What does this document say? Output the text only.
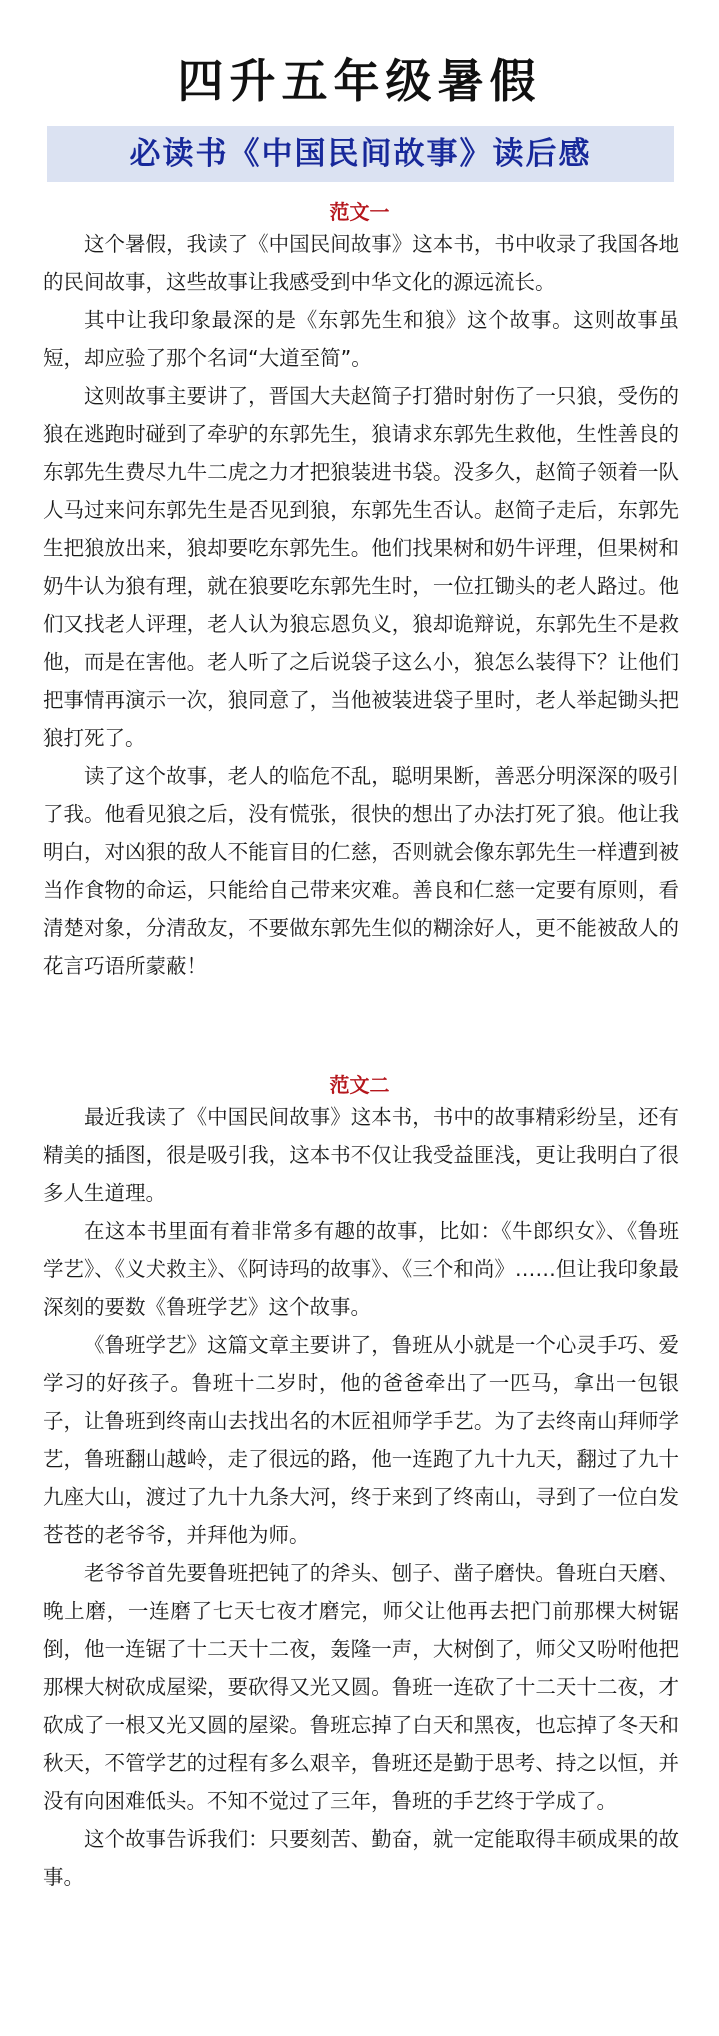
四升五年级暑假
必读书《中国民间故事》读后感
范文一

这个暑假，我读了《中国民间故事》这本书，书中收录了我国各地的民间故事，这些故事让我感受到中华文化的源远流长。

其中让我印象最深的是《东郭先生和狼》这个故事。这则故事虽短，却应验了那个名词“大道至简”。

这则故事主要讲了，晋国大夫赵简子打猎时射伤了一只狼，受伤的狼在逃跑时碰到了牵驴的东郭先生，狼请求东郭先生救他，生性善良的东郭先生费尽九牛二虎之力才把狼装进书袋。没多久，赵简子领着一队人马过来问东郭先生是否见到狼，东郭先生否认。赵简子走后，东郭先生把狼放出来，狼却要吃东郭先生。他们找果树和奶牛评理，但果树和奶牛认为狼有理，就在狼要吃东郭先生时，一位扛锄头的老人路过。他们又找老人评理，老人认为狼忘恩负义，狼却诡辩说，东郭先生不是救他，而是在害他。老人听了之后说袋子这么小，狼怎么装得下？让他们把事情再演示一次，狼同意了，当他被装进袋子里时，老人举起锄头把狼打死了。

读了这个故事，老人的临危不乱，聪明果断，善恶分明深深的吸引了我。他看见狼之后，没有慌张，很快的想出了办法打死了狼。他让我明白，对凶狠的敌人不能盲目的仁慈，否则就会像东郭先生一样遭到被当作食物的命运，只能给自己带来灾难。善良和仁慈一定要有原则，看清楚对象，分清敌友，不要做东郭先生似的糊涂好人，更不能被敌人的花言巧语所蒙蔽！

范文二

最近我读了《中国民间故事》这本书，书中的故事精彩纷呈，还有精美的插图，很是吸引我，这本书不仅让我受益匪浅，更让我明白了很多人生道理。

在这本书里面有着非常多有趣的故事，比如：《牛郎织女》、《鲁班学艺》、《义犬救主》、《阿诗玛的故事》、《三个和尚》……但让我印象最深刻的要数《鲁班学艺》这个故事。

《鲁班学艺》这篇文章主要讲了，鲁班从小就是一个心灵手巧、爱学习的好孩子。鲁班十二岁时，他的爸爸牵出了一匹马，拿出一包银子，让鲁班到终南山去找出名的木匠祖师学手艺。为了去终南山拜师学艺，鲁班翻山越岭，走了很远的路，他一连跑了九十九天，翻过了九十九座大山，渡过了九十九条大河，终于来到了终南山，寻到了一位白发苍苍的老爷爷，并拜他为师。

老爷爷首先要鲁班把钝了的斧头、刨子、凿子磨快。鲁班白天磨、晚上磨，一连磨了七天七夜才磨完，师父让他再去把门前那棵大树锯倒，他一连锯了十二天十二夜，轰隆一声，大树倒了，师父又吩咐他把那棵大树砍成屋梁，要砍得又光又圆。鲁班一连砍了十二天十二夜，才砍成了一根又光又圆的屋梁。鲁班忘掉了白天和黑夜，也忘掉了冬天和秋天，不管学艺的过程有多么艰辛，鲁班还是勤于思考、持之以恒，并没有向困难低头。不知不觉过了三年，鲁班的手艺终于学成了。

这个故事告诉我们：只要刻苦、勤奋，就一定能取得丰硕成果的故事。
